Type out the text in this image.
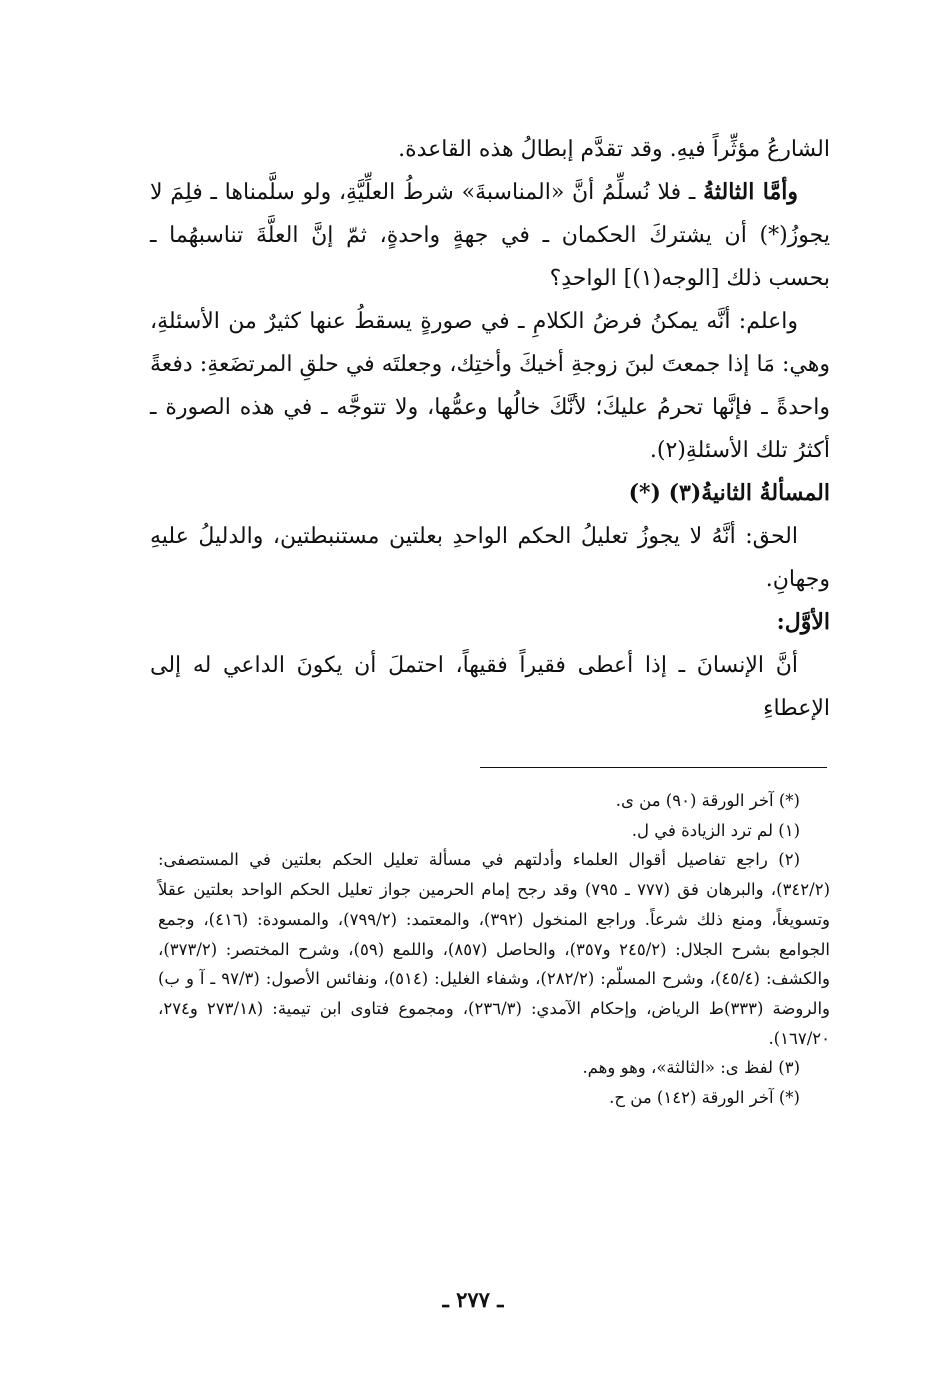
الشارعُ مؤثِّراً فيهِ. وقد تقدَّم إبطالُ هذه القاعدة.

وأمَّا الثالثةُ ـ فلا نُسلِّمُ أنَّ «المناسبةَ» شرطُ العلِّيَّةِ، ولو سلَّمناها ـ فلِمَ لا يجوزُ(*) أن يشتركَ الحكمان ـ في جهةٍ واحدةٍ، ثمّ إنَّ العلَّةَ تناسبهُما ـ بحسب ذلك [الوجه(١)] الواحدِ؟

واعلم: أنَّه يمكنُ فرضُ الكلامِ ـ في صورةٍ يسقطُ عنها كثيرٌ من الأسئلةِ، وهي: مَا إذا جمعتَ لبنَ زوجةِ أخيكَ وأختِك، وجعلتَه في حلقِ المرتضَعةِ: دفعةً واحدةً ـ فإنَّها تحرمُ عليكَ؛ لأنَّكَ خالُها وعمُّها، ولا تتوجَّه ـ في هذه الصورة ـ أكثرُ تلك الأسئلةِ(٢).

المسألةُ الثانيةُ(٣) (*)

الحق: أنَّهُ لا يجوزُ تعليلُ الحكم الواحدِ بعلتين مستنبطتين، والدليلُ عليهِ وجهانِ.

الأوَّل:

أنَّ الإنسانَ ـ إذا أعطى فقيراً فقيهاً، احتملَ أن يكونَ الداعي له إلى الإعطاءِ

(*) آخر الورقة (٩٠) من ى.

(١) لم ترد الزيادة في ل.

(٢) راجع تفاصيل أقوال العلماء وأدلتهم في مسألة تعليل الحكم بعلتين في المستصفى: (٣٤٢/٢)، والبرهان فق (٧٧٧ ـ ٧٩٥) وقد رجح إمام الحرمين جواز تعليل الحكم الواحد بعلتين عقلاً وتسويغاً، ومنع ذلك شرعاً. وراجع المنخول (٣٩٢)، والمعتمد: (٧٩٩/٢)، والمسودة: (٤١٦)، وجمع الجوامع بشرح الجلال: (٢٤٥/٢ و٣٥٧)، والحاصل (٨٥٧)، واللمع (٥٩)، وشرح المختصر: (٣٧٣/٢)، والكشف: (٤٥/٤)، وشرح المسلّم: (٢٨٢/٢)، وشفاء الغليل: (٥١٤)، ونفائس الأصول: (٩٧/٣ ـ آ و ب) والروضة (٣٣٣)ط الرياض، وإحكام الآمدي: (٢٣٦/٣)، ومجموع فتاوى ابن تيمية: (٢٧٣/١٨ و٢٧٤، ١٦٧/٢٠).

(٣) لفظ ى: «الثالثة»، وهو وهم.

(*) آخر الورقة (١٤٢) من ح.

ـ ٢٧٧ ـ
